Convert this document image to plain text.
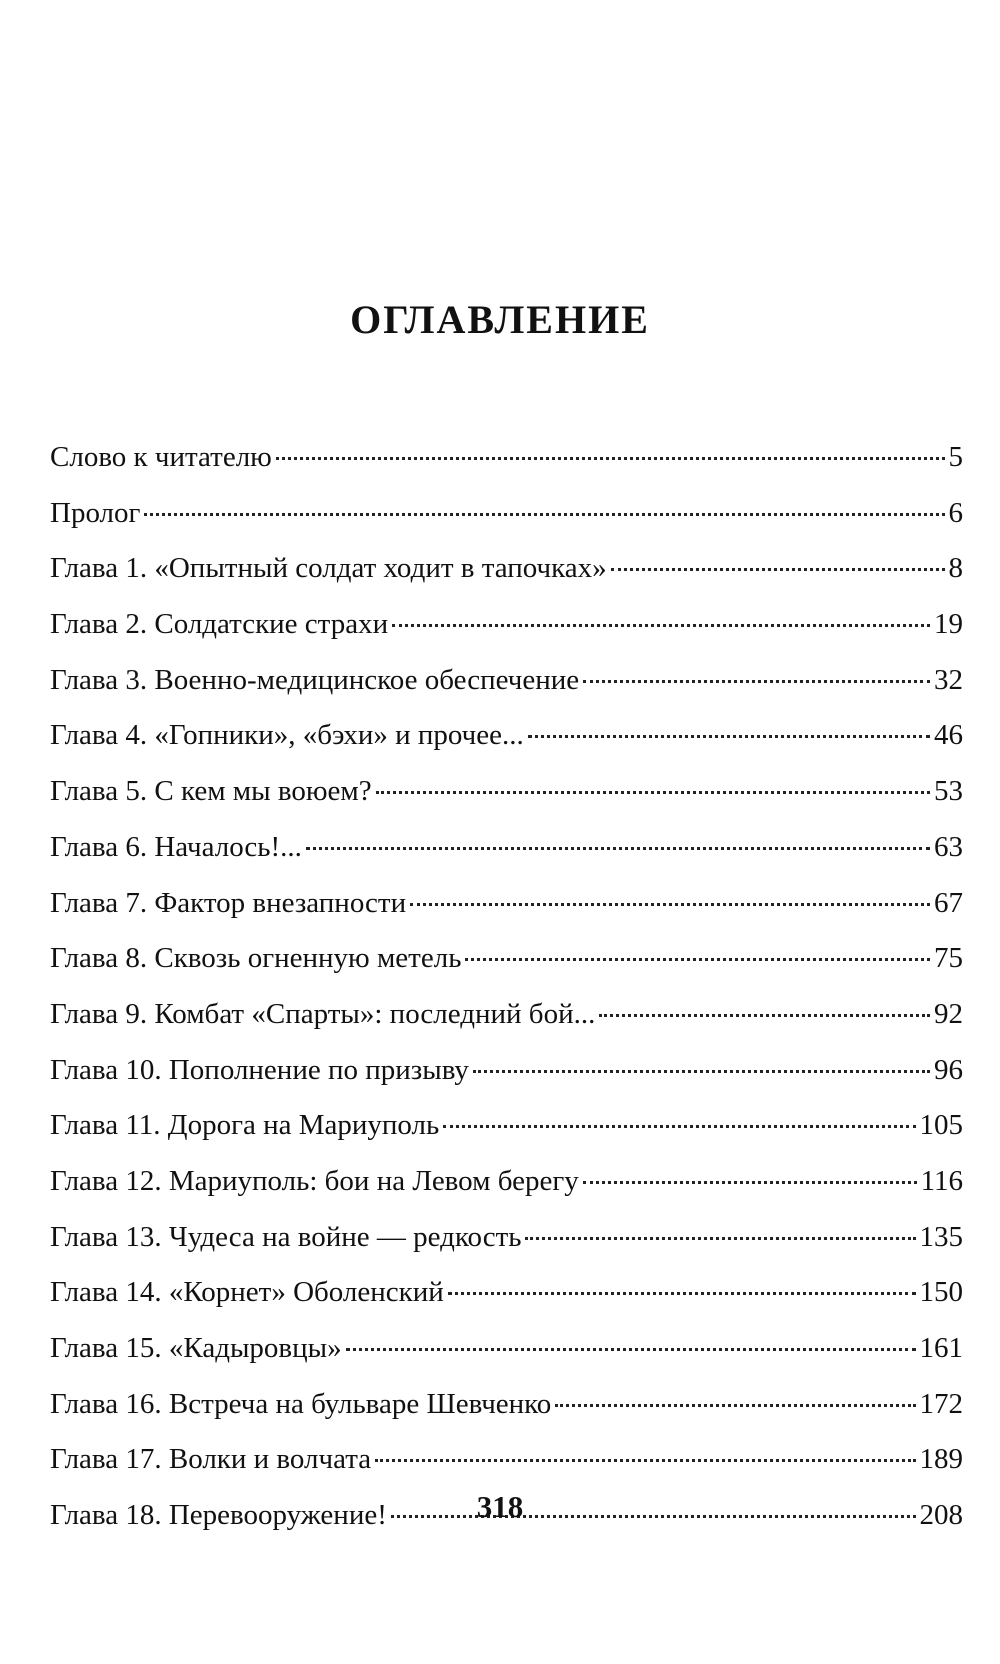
ОГЛАВЛЕНИЕ
Слово к читателю	5
Пролог	6
Глава 1. «Опытный солдат ходит в тапочках»	8
Глава 2. Солдатские страхи	19
Глава 3. Военно-медицинское обеспечение	32
Глава 4. «Гопники», «бэхи» и прочее...	46
Глава 5. С кем мы воюем?	53
Глава 6. Началось!...	63
Глава 7. Фактор внезапности	67
Глава 8. Сквозь огненную метель	75
Глава 9. Комбат «Спарты»: последний бой...	92
Глава 10. Пополнение по призыву	96
Глава 11. Дорога на Мариуполь	105
Глава 12. Мариуполь: бои на Левом берегу	116
Глава 13. Чудеса на войне — редкость	135
Глава 14. «Корнет» Оболенский	150
Глава 15. «Кадыровцы»	161
Глава 16. Встреча на бульваре Шевченко	172
Глава 17. Волки и волчата	189
Глава 18. Перевооружение!	208

318
